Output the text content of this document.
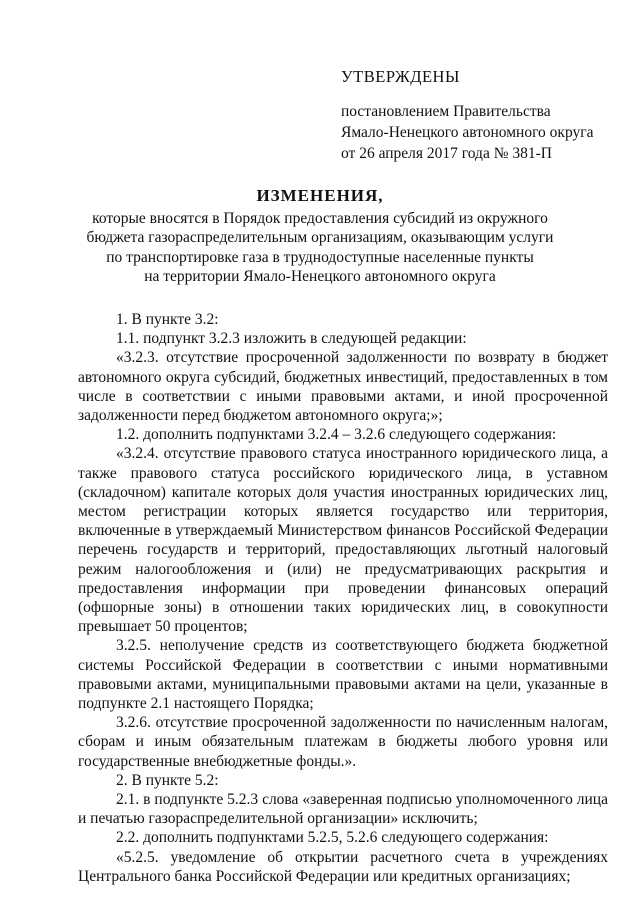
УТВЕРЖДЕНЫ
постановлением Правительства
Ямало-Ненецкого автономного округа
от 26 апреля 2017 года № 381-П
ИЗМЕНЕНИЯ,
которые вносятся в Порядок предоставления субсидий из окружного
бюджета газораспределительным организациям, оказывающим услуги
по транспортировке газа в труднодоступные населенные пункты
на территории Ямало-Ненецкого автономного округа

1. В пункте 3.2:

1.1. подпункт 3.2.3 изложить в следующей редакции:

«3.2.3. отсутствие просроченной задолженности по возврату в бюджет автономного округа субсидий, бюджетных инвестиций, предоставленных в том числе в соответствии с иными правовыми актами, и иной просроченной задолженности перед бюджетом автономного округа;»;

1.2. дополнить подпунктами 3.2.4 – 3.2.6 следующего содержания:

«3.2.4. отсутствие правового статуса иностранного юридического лица, а также правового статуса российского юридического лица, в уставном (складочном) капитале которых доля участия иностранных юридических лиц, местом регистрации которых является государство или территория, включенные в утверждаемый Министерством финансов Российской Федерации перечень государств и территорий, предоставляющих льготный налоговый режим налогообложения и (или) не предусматривающих раскрытия и предоставления информации при проведении финансовых операций (офшорные зоны) в отношении таких юридических лиц, в совокупности превышает 50 процентов;

3.2.5. неполучение средств из соответствующего бюджета бюджетной системы Российской Федерации в соответствии с иными нормативными правовыми актами, муниципальными правовыми актами на цели, указанные в подпункте 2.1 настоящего Порядка;

3.2.6. отсутствие просроченной задолженности по начисленным налогам, сборам и иным обязательным платежам в бюджеты любого уровня или государственные внебюджетные фонды.».

2. В пункте 5.2:

2.1. в подпункте 5.2.3 слова «заверенная подписью уполномоченного лица и печатью газораспределительной организации» исключить;

2.2. дополнить подпунктами 5.2.5, 5.2.6 следующего содержания:

«5.2.5. уведомление об открытии расчетного счета в учреждениях Центрального банка Российской Федерации или кредитных организациях;
